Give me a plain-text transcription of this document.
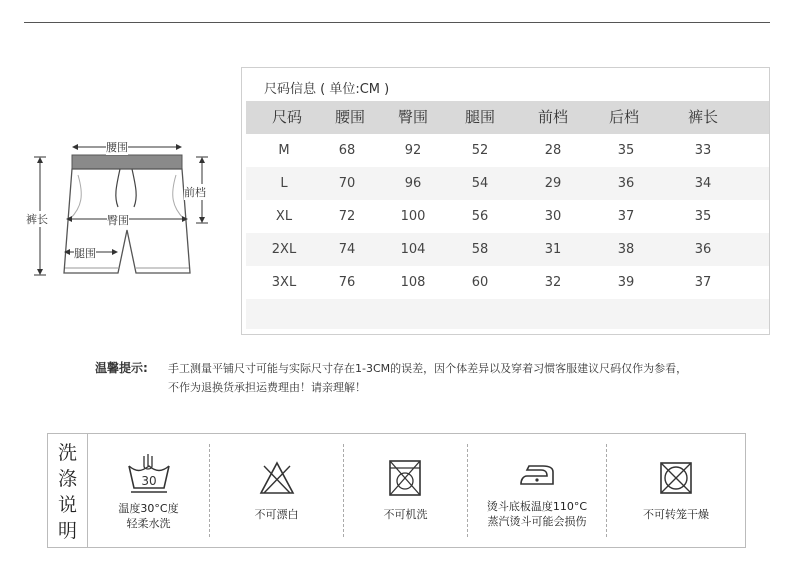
腰围
前档
裤长	臀围
腿围
尺码信息 ( 单位:CM )
尺码	腰围	臀围	腿围	前档	后档	裤长
M	68	92	52	28	35	33
L	70	96	54	29	36	34
XL	72	100	56	30	37	35
2XL	74	104	58	31	38	36
3XL	76	108	60	32	39	37
温馨提示: 手工测量平铺尺寸可能与实际尺寸存在1-3CM的误差，因个体差异以及穿着习惯客服建议尺码仅作为参看，
不作为退换货承担运费理由！请亲理解！
洗
涤
说
明
30
温度30°C度
轻柔水洗
不可漂白	不可机洗
烫斗底板温度110°C
蒸汽烫斗可能会损伤
不可转笼干燥
